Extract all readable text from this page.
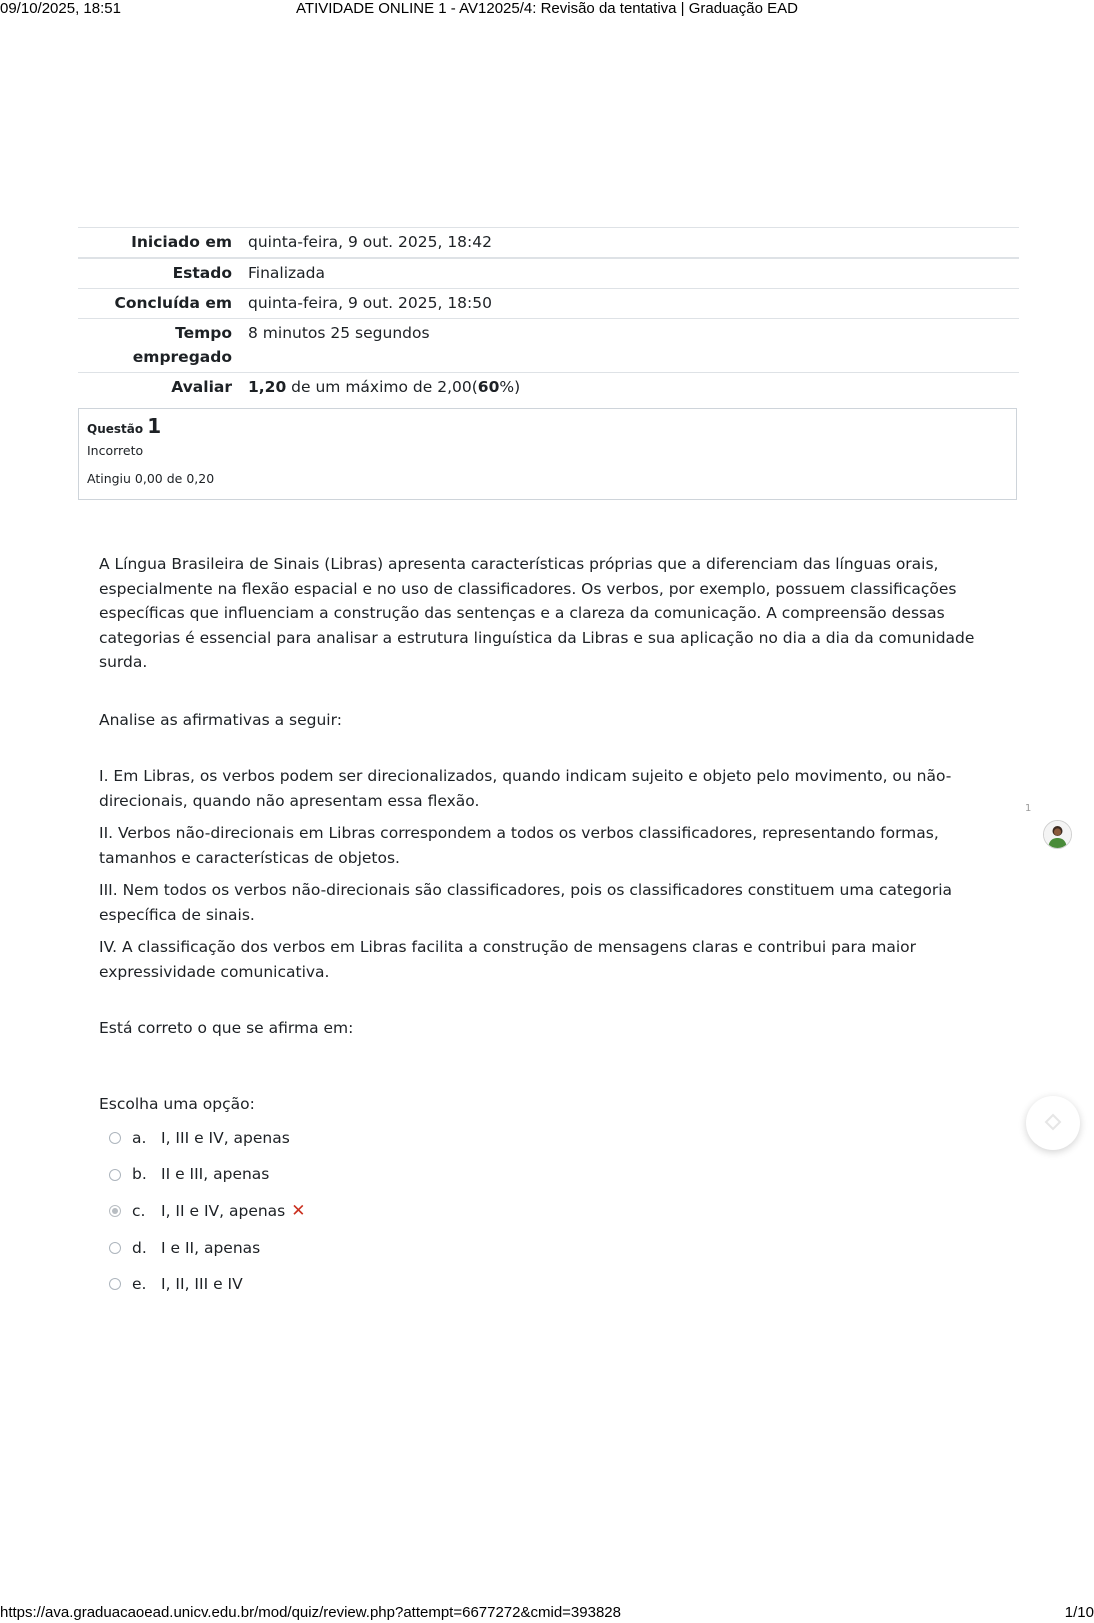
09/10/2025, 18:51	ATIVIDADE ONLINE 1 - AV12025/4: Revisão da tentativa | Graduação EAD
Iniciado em	quinta-feira, 9 out. 2025, 18:42
Estado	Finalizada
Concluída em	quinta-feira, 9 out. 2025, 18:50
Tempo
empregado	8 minutos 25 segundos
Avaliar	1,20 de um máximo de 2,00(60%)
Questão 1
Incorreto
Atingiu 0,00 de 0,20

A Língua Brasileira de Sinais (Libras) apresenta características próprias que a diferenciam das línguas orais, especialmente na flexão espacial e no uso de classificadores. Os verbos, por exemplo, possuem classificações específicas que influenciam a construção das sentenças e a clareza da comunicação. A compreensão dessas categorias é essencial para analisar a estrutura linguística da Libras e sua aplicação no dia a dia da comunidade surda.

Analise as afirmativas a seguir:

I. Em Libras, os verbos podem ser direcionalizados, quando indicam sujeito e objeto pelo movimento, ou não-direcionais, quando não apresentam essa flexão.

II. Verbos não-direcionais em Libras correspondem a todos os verbos classificadores, representando formas, tamanhos e características de objetos.

III. Nem todos os verbos não-direcionais são classificadores, pois os classificadores constituem uma categoria específica de sinais.

IV. A classificação dos verbos em Libras facilita a construção de mensagens claras e contribui para maior expressividade comunicativa.

Está correto o que se afirma em:

Escolha uma opção:

a. I, III e IV, apenas
b. II e III, apenas
c.	I, II e IV, apenas ✕
d. I e II, apenas
e. I, II, III e IV
1
https://ava.graduacaoead.unicv.edu.br/mod/quiz/review.php?attempt=6677272&cmid=393828	1/10
